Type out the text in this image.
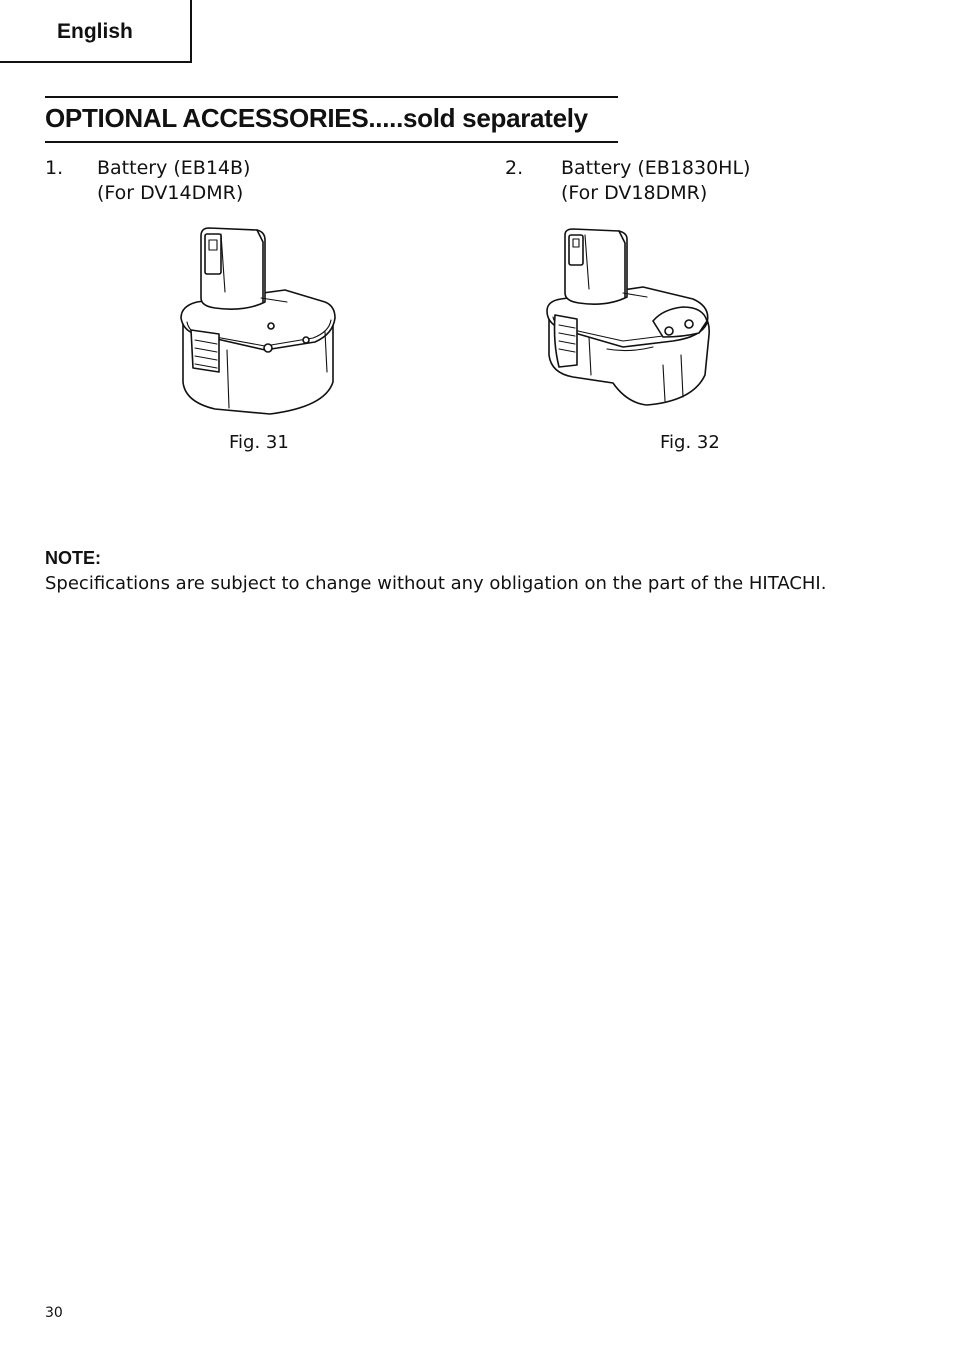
English
OPTIONAL ACCESSORIES.....sold separately
1. Battery (EB14B)
(For DV14DMR)
2. Battery (EB1830HL)
(For DV18DMR)
Fig. 31	Fig. 32
NOTE:
Specifications are subject to change without any obligation on the part of the HITACHI.
30
